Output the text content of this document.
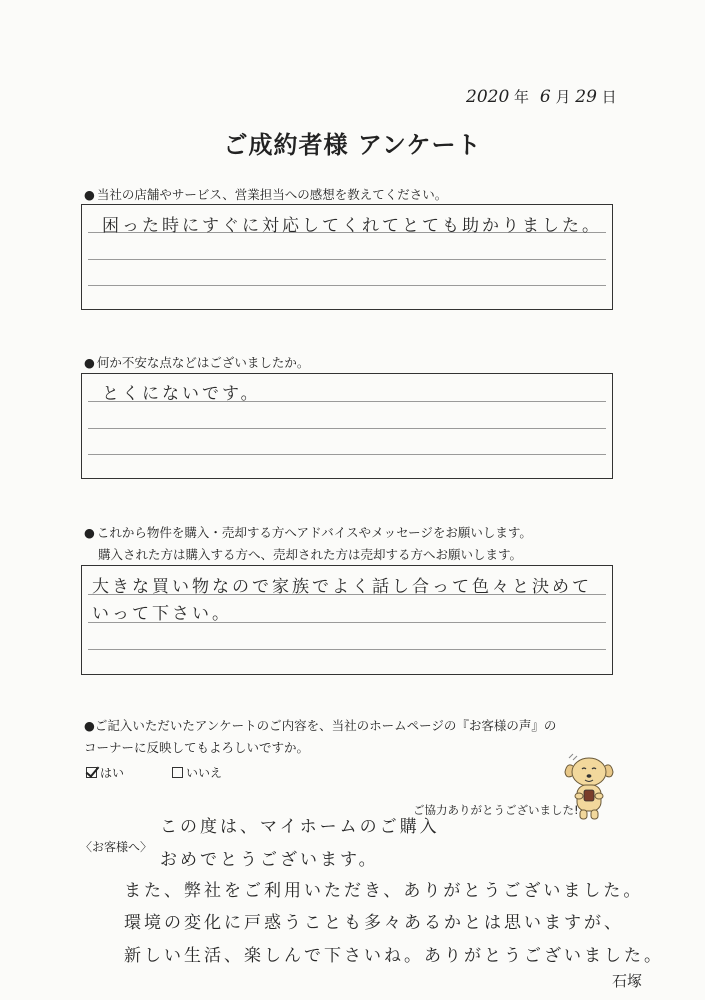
2020 年 6 月 29 日
ご成約者様 アンケート
● 当社の店舗やサービス、営業担当への感想を教えてください。
困った時にすぐに対応してくれてとても助かりました。
● 何か不安な点などはございましたか。
とくにないです。
● これから物件を購入・売却する方へアドバイスやメッセージをお願いします。
購入された方は購入する方へ、売却された方は売却する方へお願いします。
大きな買い物なので家族でよく話し合って色々と決めて
いって下さい。
●ご記入いただいたアンケートのご内容を、当社のホームページの『お客様の声』の
コーナーに反映してもよろしいですか。
はい	いいえ
ご協力ありがとうございました!
〈お客様へ〉
この度は、マイホームのご購入
おめでとうございます。
また、弊社をご利用いただき、ありがとうございました。
環境の変化に戸惑うことも多々あるかとは思いますが、
新しい生活、楽しんで下さいね。ありがとうございました。
石塚
